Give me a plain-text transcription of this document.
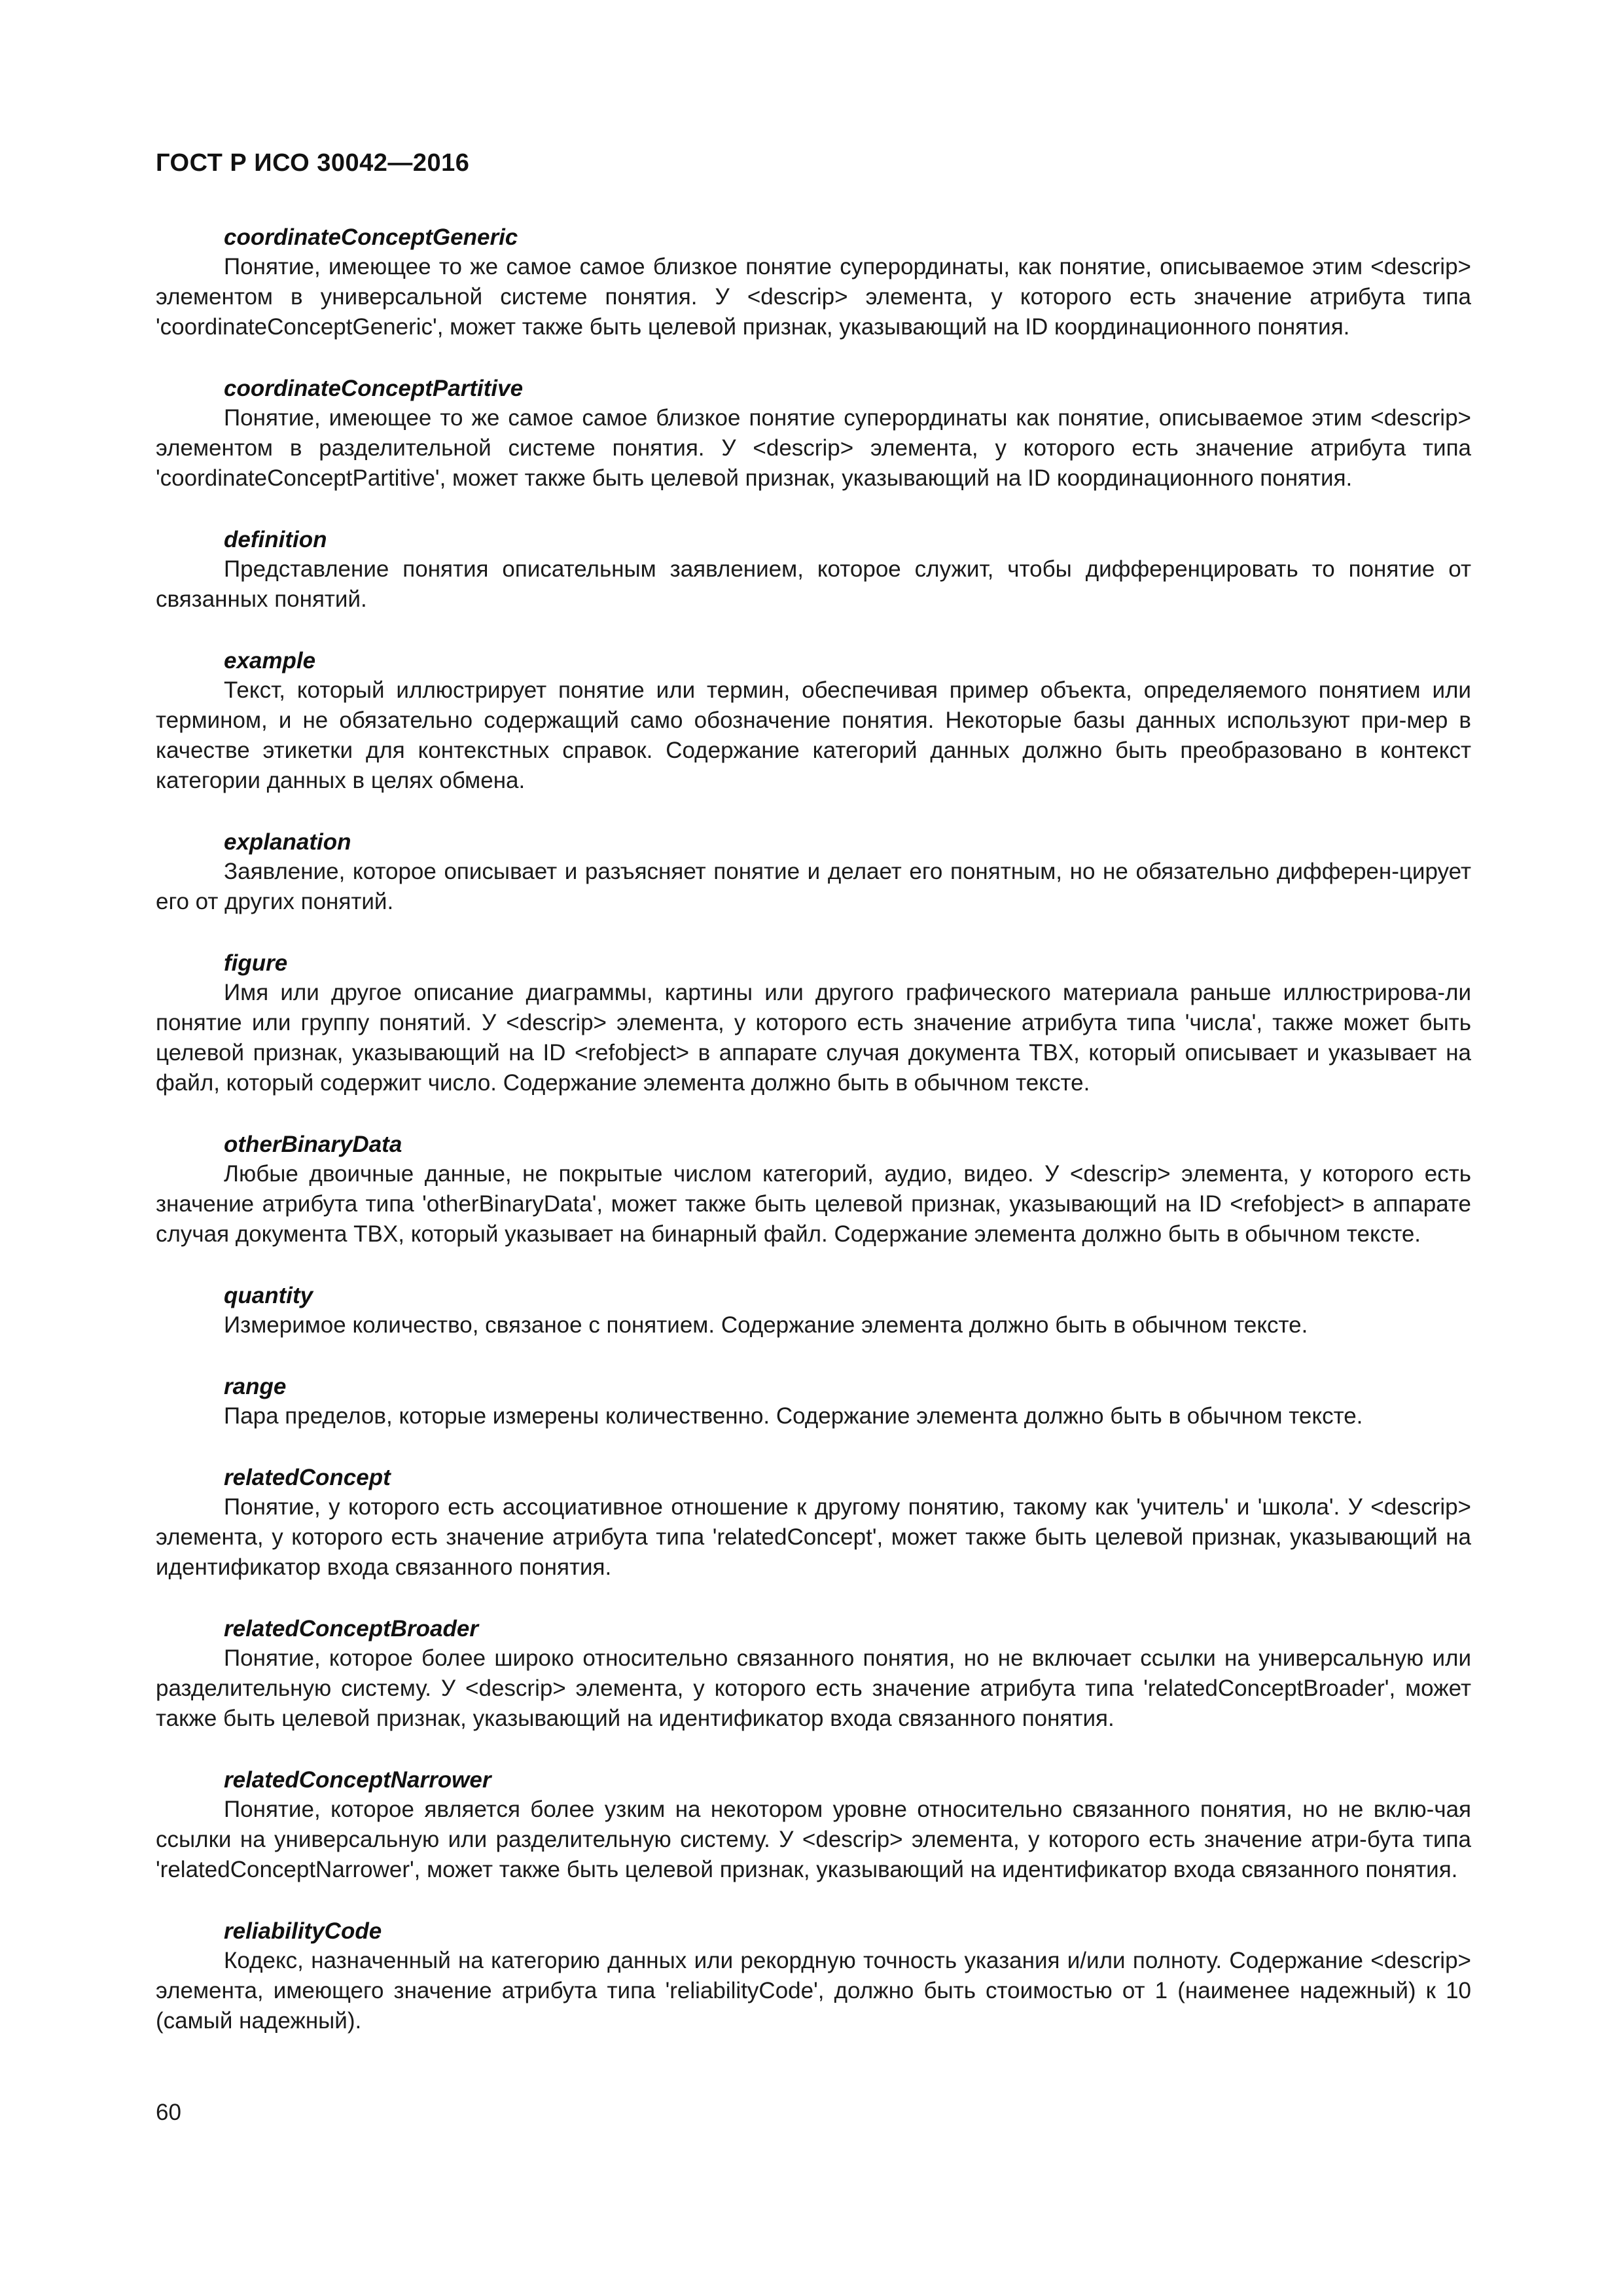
ГОСТ Р ИСО 30042—2016
coordinateConceptGeneric

Понятие, имеющее то же самое самое близкое понятие суперординаты, как понятие, описываемое этим <descrip> элементом в универсальной системе понятия. У <descrip> элемента, у которого есть значение атрибута типа 'coordinateConceptGeneric', может также быть целевой признак, указывающий на ID координационного понятия.

coordinateConceptPartitive

Понятие, имеющее то же самое самое близкое понятие суперординаты как понятие, описываемое этим <descrip> элементом в разделительной системе понятия. У <descrip> элемента, у которого есть значение атрибута типа 'coordinateConceptPartitive', может также быть целевой признак, указывающий на ID координационного понятия.

definition

Представление понятия описательным заявлением, которое служит, чтобы дифференцировать то понятие от связанных понятий.

example

Текст, который иллюстрирует понятие или термин, обеспечивая пример объекта, определяемого понятием или термином, и не обязательно содержащий само обозначение понятия. Некоторые базы данных используют при-мер в качестве этикетки для контекстных справок. Содержание категорий данных должно быть преобразовано в контекст категории данных в целях обмена.

explanation

Заявление, которое описывает и разъясняет понятие и делает его понятным, но не обязательно дифферен-цирует его от других понятий.

figure

Имя или другое описание диаграммы, картины или другого графического материала раньше иллюстрирова-ли понятие или группу понятий. У <descrip> элемента, у которого есть значение атрибута типа 'числа', также может быть целевой признак, указывающий на ID <refobject> в аппарате случая документа TBX, который описывает и указывает на файл, который содержит число. Содержание элемента должно быть в обычном тексте.

otherBinaryData

Любые двоичные данные, не покрытые числом категорий, аудио, видео. У <descrip> элемента, у которого есть значение атрибута типа 'otherBinaryData', может также быть целевой признак, указывающий на ID <refobject> в аппарате случая документа TBX, который указывает на бинарный файл. Содержание элемента должно быть в обычном тексте.

quantity

Измеримое количество, связаное с понятием. Содержание элемента должно быть в обычном тексте.

range

Пара пределов, которые измерены количественно. Содержание элемента должно быть в обычном тексте.

relatedConcept

Понятие, у которого есть ассоциативное отношение к другому понятию, такому как 'учитель' и 'школа'. У <descrip> элемента, у которого есть значение атрибута типа 'relatedConcept', может также быть целевой признак, указывающий на идентификатор входа связанного понятия.

relatedConceptBroader

Понятие, которое более широко относительно связанного понятия, но не включает ссылки на универсальную или разделительную систему. У <descrip> элемента, у которого есть значение атрибута типа 'relatedConceptBroader', может также быть целевой признак, указывающий на идентификатор входа связанного понятия.

relatedConceptNarrower

Понятие, которое является более узким на некотором уровне относительно связанного понятия, но не вклю-чая ссылки на универсальную или разделительную систему. У <descrip> элемента, у которого есть значение атри-бута типа 'relatedConceptNarrower', может также быть целевой признак, указывающий на идентификатор входа связанного понятия.

reliabilityCode

Кодекс, назначенный на категорию данных или рекордную точность указания и/или полноту. Содержание <descrip> элемента, имеющего значение атрибута типа 'reliabilityCode', должно быть стоимостью от 1 (наименее надежный) к 10 (самый надежный).

60
